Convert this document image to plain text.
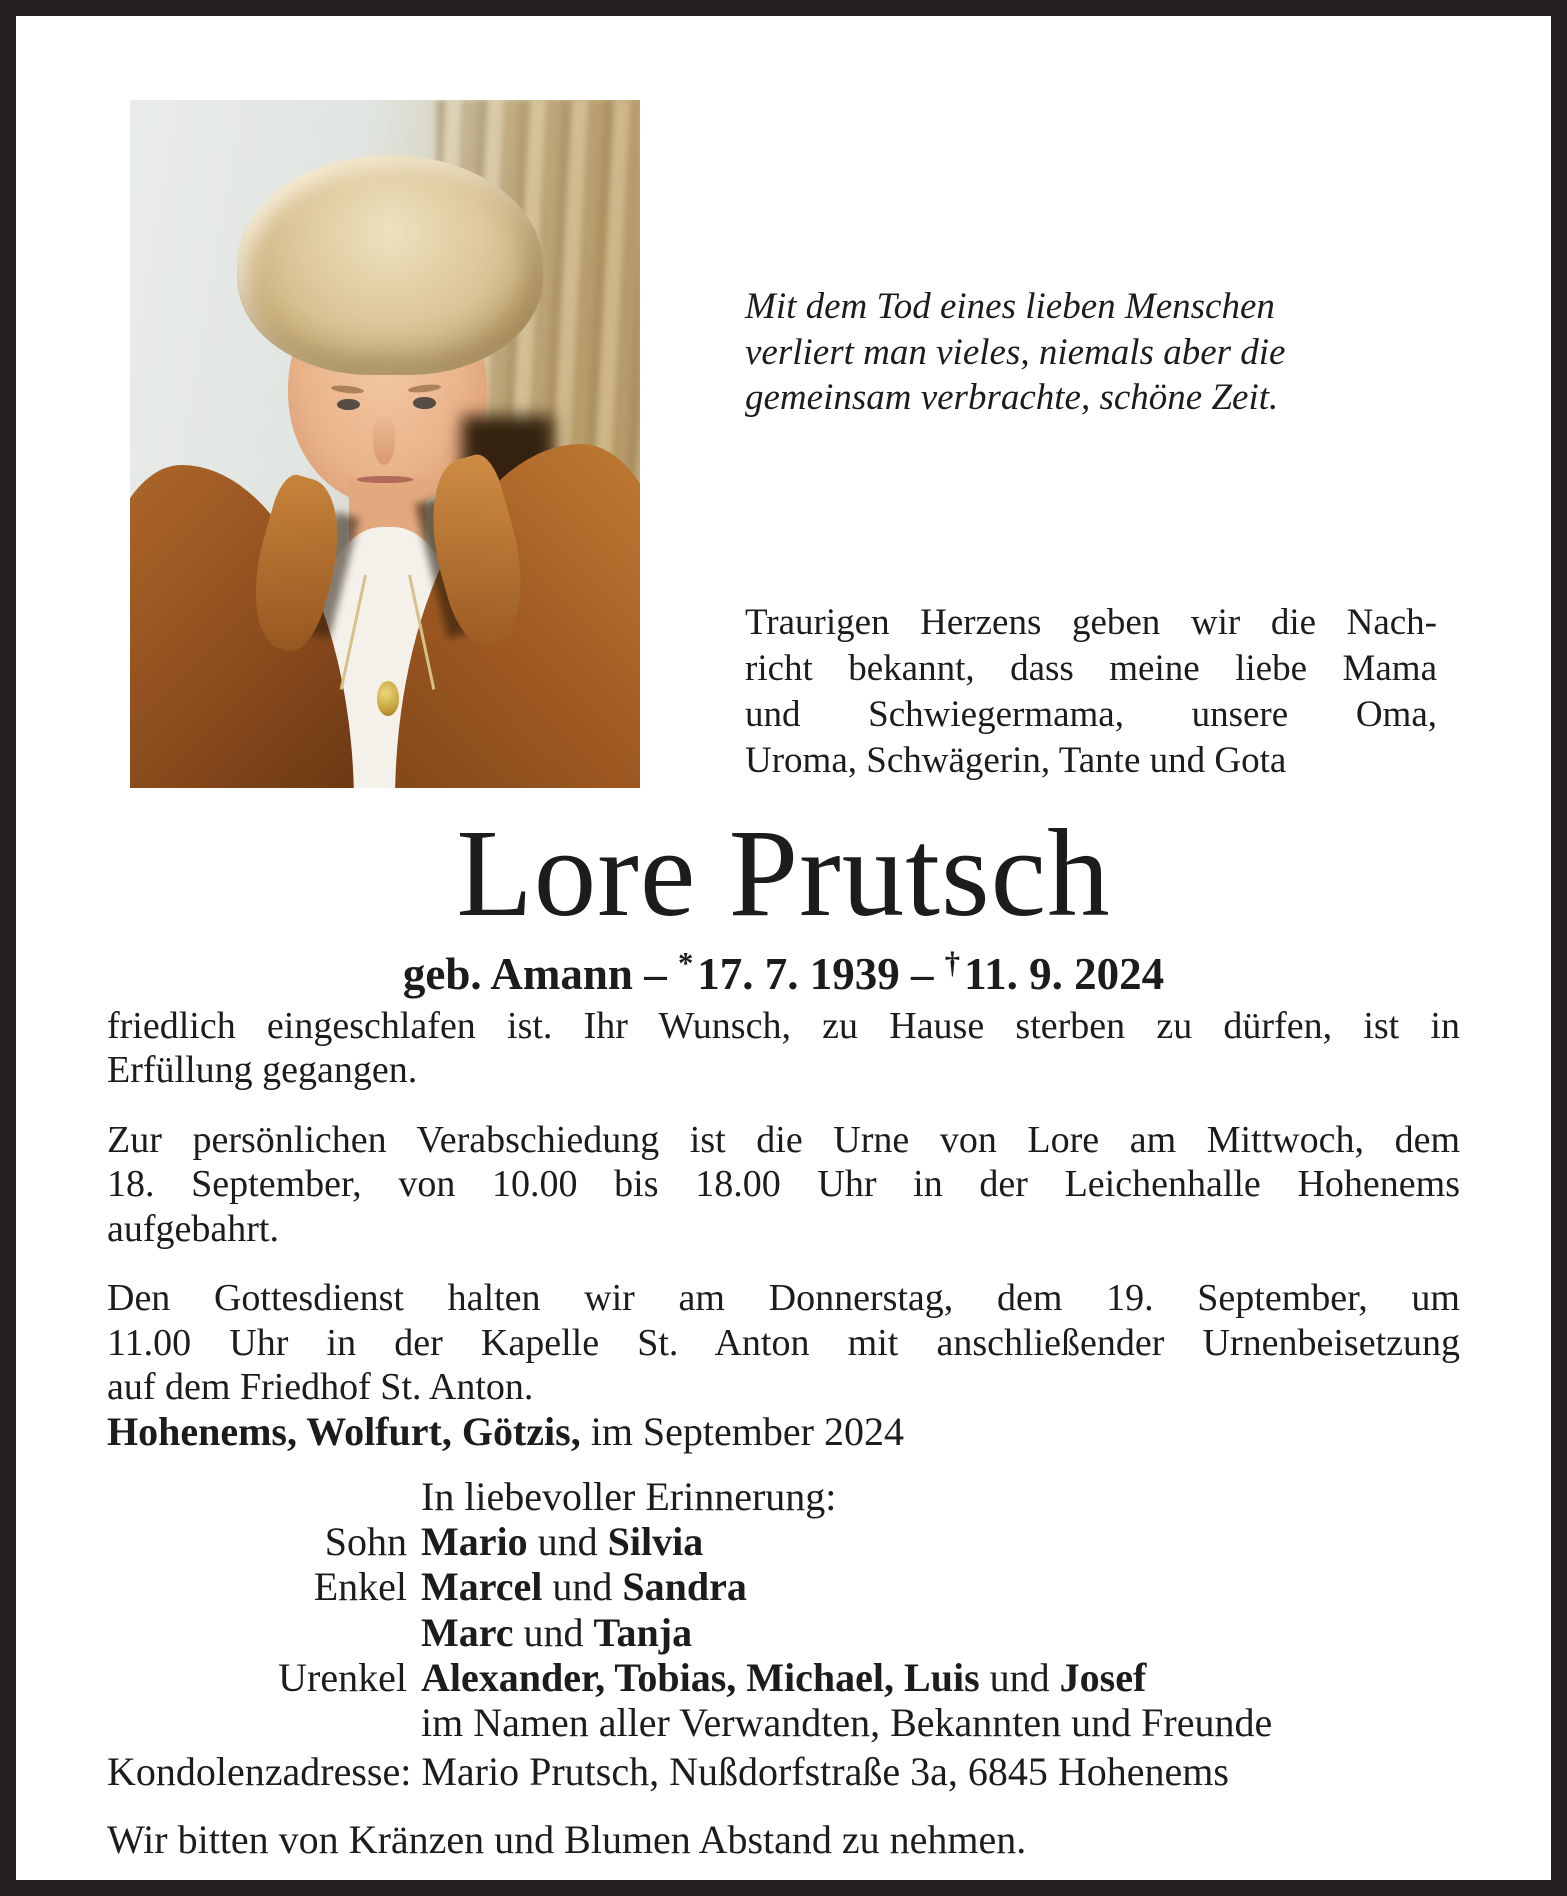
Mit dem Tod eines lieben Menschen
verliert man vieles, niemals aber die
gemeinsam verbrachte, schöne Zeit.
Traurigen Herzens geben wir die Nach-
richt bekannt, dass meine liebe Mama
und Schwiegermama, unsere Oma,
Uroma, Schwägerin, Tante und Gota
Lore Prutsch
geb. Amann – *17. 7. 1939 – †11. 9. 2024
friedlich eingeschlafen ist. Ihr Wunsch, zu Hause sterben zu dürfen, ist in
Erfüllung gegangen.
Zur persönlichen Verabschiedung ist die Urne von Lore am Mittwoch, dem
18. September, von 10.00 bis 18.00 Uhr in der Leichenhalle Hohenems
aufgebahrt.
Den Gottesdienst halten wir am Donnerstag, dem 19. September, um
11.00 Uhr in der Kapelle St. Anton mit anschließender Urnenbeisetzung
auf dem Friedhof St. Anton.
Hohenems, Wolfurt, Götzis, im September 2024
In liebevoller Erinnerung:
Sohn Mario und Silvia
Enkel Marcel und Sandra
Marc und Tanja
Urenkel Alexander, Tobias, Michael, Luis und Josef
im Namen aller Verwandten, Bekannten und Freunde
Kondolenzadresse: Mario Prutsch, Nußdorfstraße 3a, 6845 Hohenems
Wir bitten von Kränzen und Blumen Abstand zu nehmen.
